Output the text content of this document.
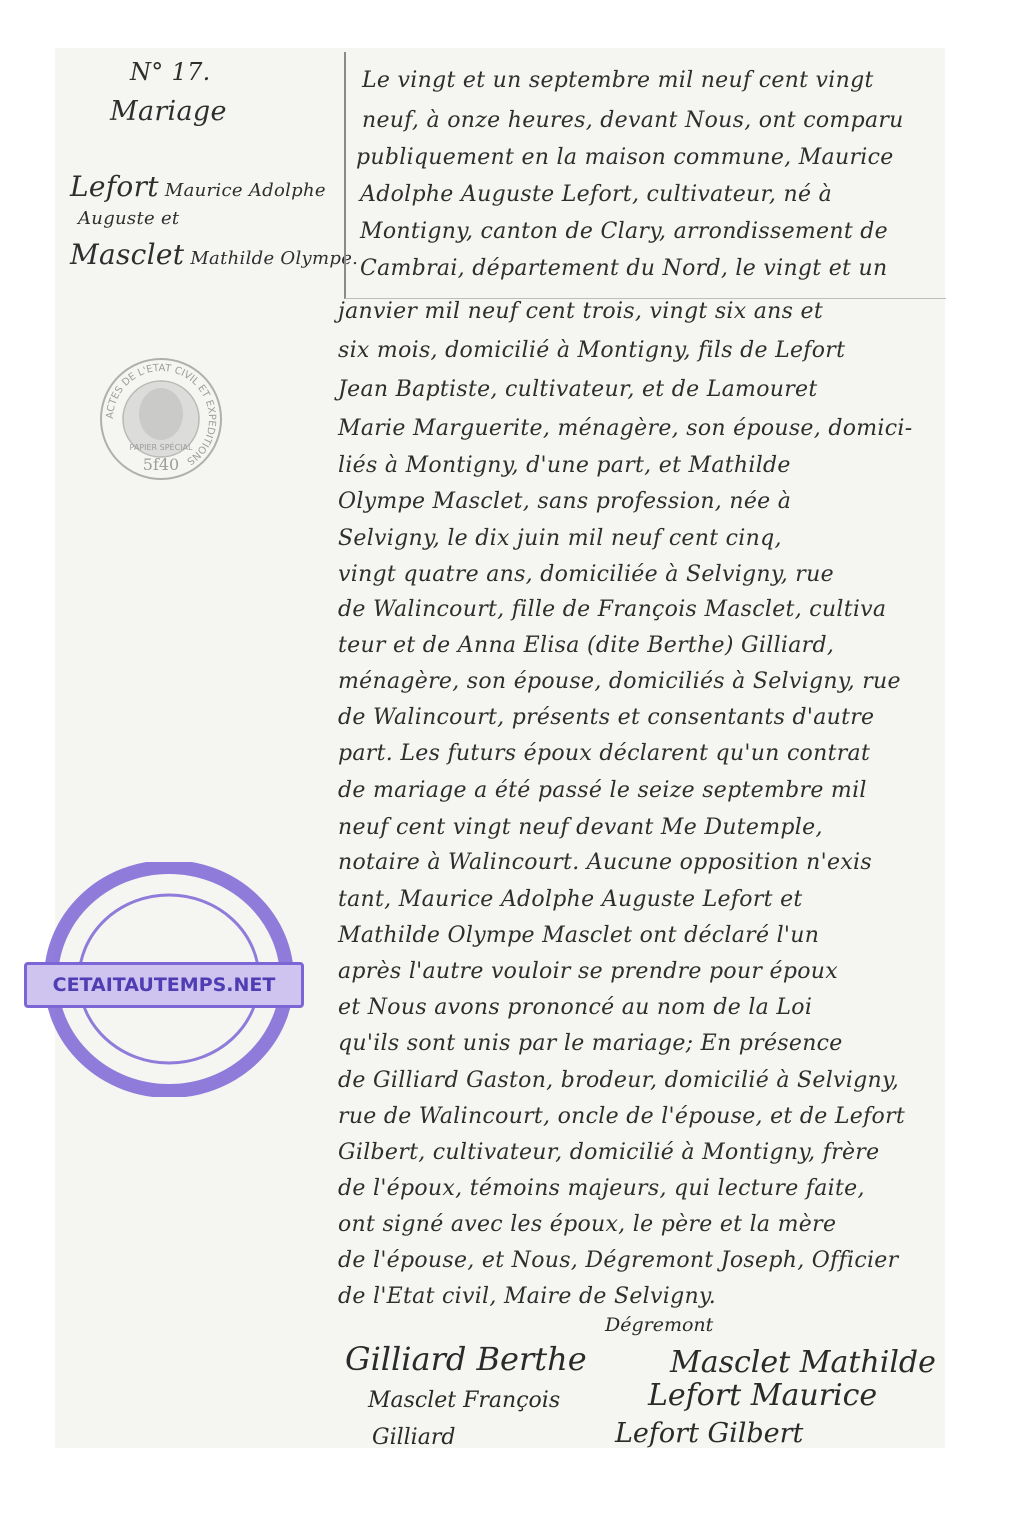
N° 17.
Mariage
Lefort Maurice Adolphe
Auguste et
Masclet Mathilde Olympe.
Le vingt et un septembre mil neuf cent vingt
neuf, à onze heures, devant Nous, ont comparu
publiquement en la maison commune, Maurice
Adolphe Auguste Lefort, cultivateur, né à
Montigny, canton de Clary, arrondissement de
Cambrai, département du Nord, le vingt et un
janvier mil neuf cent trois, vingt six ans et
six mois, domicilié à Montigny, fils de Lefort
Jean Baptiste, cultivateur, et de Lamouret
Marie Marguerite, ménagère, son épouse, domici-
liés à Montigny, d'une part, et Mathilde
Olympe Masclet, sans profession, née à
Selvigny, le dix juin mil neuf cent cinq,
vingt quatre ans, domiciliée à Selvigny, rue
de Walincourt, fille de François Masclet, cultiva
teur et de Anna Elisa (dite Berthe) Gilliard,
ménagère, son épouse, domiciliés à Selvigny, rue
de Walincourt, présents et consentants d'autre
part. Les futurs époux déclarent qu'un contrat
de mariage a été passé le seize septembre mil
neuf cent vingt neuf devant Me Dutemple,
notaire à Walincourt. Aucune opposition n'exis
tant, Maurice Adolphe Auguste Lefort et
Mathilde Olympe Masclet ont déclaré l'un
après l'autre vouloir se prendre pour époux
et Nous avons prononcé au nom de la Loi
qu'ils sont unis par le mariage; En présence
de Gilliard Gaston, brodeur, domicilié à Selvigny,
rue de Walincourt, oncle de l'épouse, et de Lefort
Gilbert, cultivateur, domicilié à Montigny, frère
de l'époux, témoins majeurs, qui lecture faite,
ont signé avec les époux, le père et la mère
de l'épouse, et Nous, Dégremont Joseph, Officier
de l'Etat civil, Maire de Selvigny.
ACTES DE L'ETAT CIVIL ET EXPEDITIONS
PAPIER SPÉCIAL
5f40
CETAITAUTEMPS.NET
Dégremont
Gilliard Berthe	Masclet Mathilde
Masclet François	Lefort Maurice
Gilliard	Lefort Gilbert
